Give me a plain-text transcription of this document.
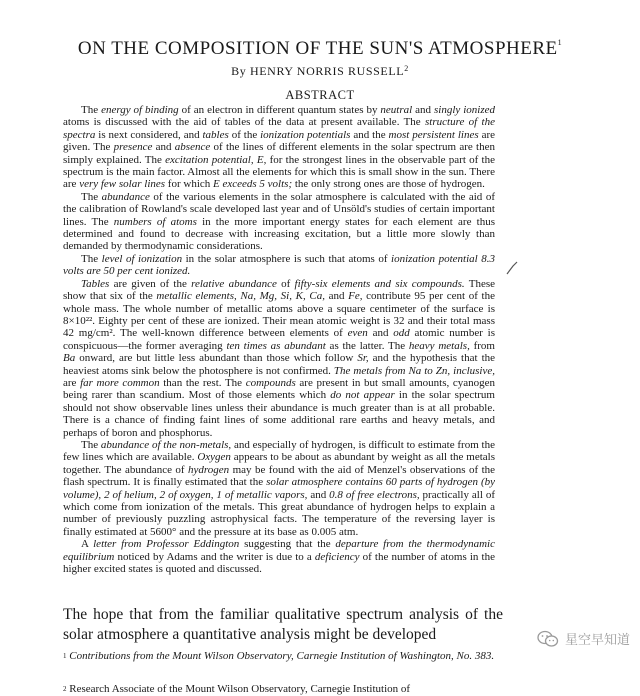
ON THE COMPOSITION OF THE SUN'S ATMOSPHERE$^1$
By HENRY NORRIS RUSSELL$^2$
ABSTRACT

The energy of binding of an electron in different quantum states by neutral and singly ionized atoms is discussed with the aid of tables of the data at present available. The structure of the spectra is next considered, and tables of the ionization potentials and the most persistent lines are given. The presence and absence of the lines of different elements in the solar spectrum are then simply explained. The excitation potential, E, for the strongest lines in the observable part of the spectrum is the main factor. Almost all the elements for which this is small show in the sun. There are very few solar lines for which E exceeds 5 volts; the only strong ones are those of hydrogen.

The abundance of the various elements in the solar atmosphere is calculated with the aid of the calibration of Rowland's scale developed last year and of Unsöld's studies of certain important lines. The numbers of atoms in the more important energy states for each element are thus determined and found to decrease with increasing excitation, but a little more slowly than demanded by thermodynamic considerations.

The level of ionization in the solar atmosphere is such that atoms of ionization potential 8.3 volts are 50 per cent ionized.

Tables are given of the relative abundance of fifty-six elements and six compounds. These show that six of the metallic elements, Na, Mg, Si, K, Ca, and Fe, contribute 95 per cent of the whole mass. The whole number of metallic atoms above a square centimeter of the surface is 8×10²². Eighty per cent of these are ionized. Their mean atomic weight is 32 and their total mass 42 mg/cm². The well-known difference between elements of even and odd atomic number is conspicuous—the former averaging ten times as abundant as the latter. The heavy metals, from Ba onward, are but little less abundant than those which follow Sr, and the hypothesis that the heaviest atoms sink below the photosphere is not confirmed. The metals from Na to Zn, inclusive, are far more common than the rest. The compounds are present in but small amounts, cyanogen being rarer than scandium. Most of those elements which do not appear in the solar spectrum should not show observable lines unless their abundance is much greater than is at all probable. There is a chance of finding faint lines of some additional rare earths and heavy metals, and perhaps of boron and phosphorus.

The abundance of the non-metals, and especially of hydrogen, is difficult to estimate from the few lines which are available. Oxygen appears to be about as abundant by weight as all the metals together. The abundance of hydrogen may be found with the aid of Menzel's observations of the flash spectrum. It is finally estimated that the solar atmosphere contains 60 parts of hydrogen (by volume), 2 of helium, 2 of oxygen, 1 of metallic vapors, and 0.8 of free electrons, practically all of which come from ionization of the metals. This great abundance of hydrogen helps to explain a number of previously puzzling astrophysical facts. The temperature of the reversing layer is finally estimated at 5600° and the pressure at its base as 0.005 atm.

A letter from Professor Eddington suggesting that the departure from the thermodynamic equilibrium noticed by Adams and the writer is due to a deficiency of the number of atoms in the higher excited states is quoted and discussed.

The hope that from the familiar qualitative spectrum analysis of the solar atmosphere a quantitative analysis might be developed
$^1$ Contributions from the Mount Wilson Observatory, Carnegie Institution of Washington, No. 383.
$^2$ Research Associate of the Mount Wilson Observatory, Carnegie Institution of
星空早知道
